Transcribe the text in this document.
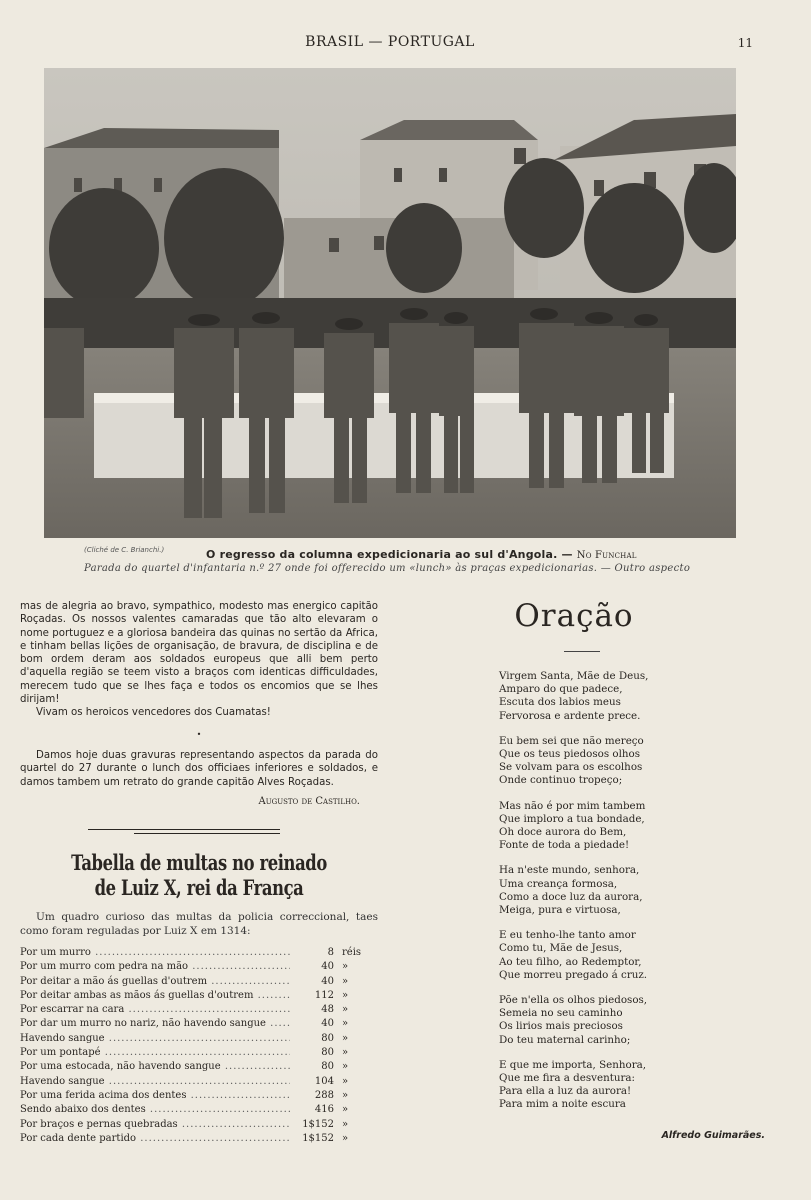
BRASIL — PORTUGAL	11
(Cliché de C. Brianchi.)	O regresso da columna expedicionaria ao sul d'Angola. — No Funchal
Parada do quartel d'infantaria n.º 27 onde foi offerecido um «lunch» às praças expedicionarias. — Outro aspecto

mas de alegria ao bravo, sympathico, modesto mas energico capitão Roçadas. Os nossos valentes camaradas que tão alto elevaram o nome portuguez e a gloriosa bandeira das quinas no sertão da Africa, e tinham bellas lições de organisação, de bravura, de disciplina e de bom ordem deram aos soldados europeus que alli bem perto d'aquella região se teem visto a braços com identicas difficuldades, merecem tudo que se lhes faça e todos os encomios que se lhes dirijam!

Vivam os heroicos vencedores dos Cuamatas!

•

Damos hoje duas gravuras representando aspectos da parada do quartel do 27 durante o lunch dos officiaes inferiores e soldados, e damos tambem um retrato do grande capitão Alves Roçadas.

Augusto de Castilho.
Tabella de multas no reinado de Luiz X, rei da França

Um quadro curioso das multas da policia correccional, taes como foram reguladas por Luiz X em 1314:

Por um murro .....	8 réis
Por um murro com pedra na mão .....	40 »
Por deitar a mão ás guellas d'outrem .....	40 »
Por deitar ambas as mãos ás guellas d'outrem .....	112 »
Por escarrar na cara .....	48 »
Por dar um murro no nariz, não havendo sangue .....	40 »
Havendo sangue .....	80 »
Por um pontapé .....	80 »
Por uma estocada, não havendo sangue .....	80 »
Havendo sangue .....	104 »
Por uma ferida acima dos dentes .....	288 »
Sendo abaixo dos dentes .....	416 »
Por braços e pernas quebradas .....	1$152 »
Por cada dente partido .....	1$152 »
Oração
Virgem Santa, Mãe de Deus,
Amparo do que padece,
Escuta dos labios meus
Fervorosa e ardente prece.
Eu bem sei que não mereço
Que os teus piedosos olhos
Se volvam para os escolhos
Onde continuo tropeço;
Mas não é por mim tambem
Que imploro a tua bondade,
Oh doce aurora do Bem,
Fonte de toda a piedade!
Ha n'este mundo, senhora,
Uma creança formosa,
Como a doce luz da aurora,
Meiga, pura e virtuosa,
E eu tenho-lhe tanto amor
Como tu, Mãe de Jesus,
Ao teu filho, ao Redemptor,
Que morreu pregado á cruz.
Põe n'ella os olhos piedosos,
Semeia no seu caminho
Os lirios mais preciosos
Do teu maternal carinho;
E que me importa, Senhora,
Que me fira a desventura:
Para ella a luz da aurora!
Para mim a noite escura
Alfredo Guimarães.
